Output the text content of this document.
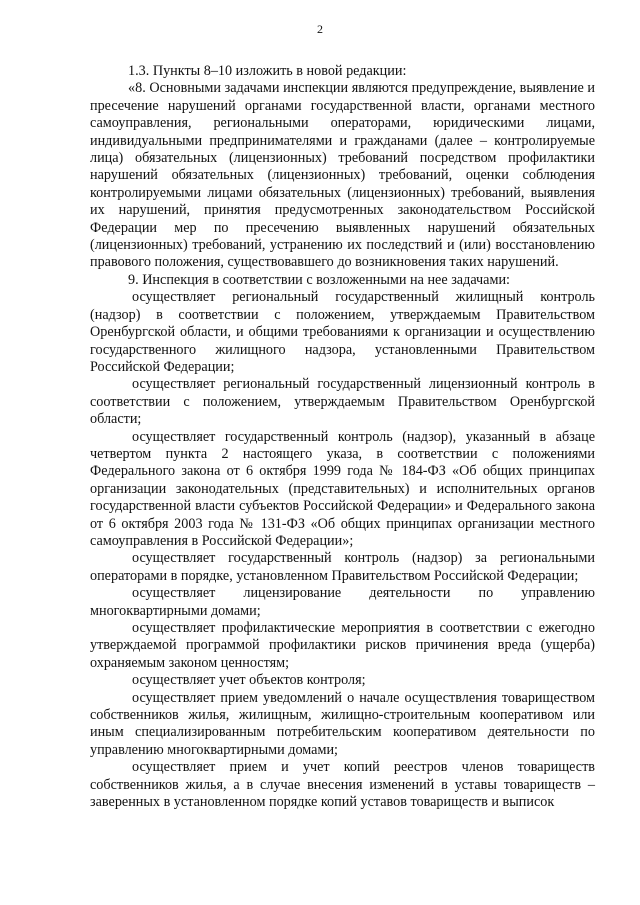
2

1.3. Пункты 8–10 изложить в новой редакции:

«8. Основными задачами инспекции являются предупреждение, выявление и пресечение нарушений органами государственной власти, органами местного самоуправления, региональными операторами, юридическими лицами, индивидуальными предпринимателями и гражданами (далее – контролируемые лица) обязательных (лицензионных) требований посредством профилактики нарушений обязательных (лицензионных) требований, оценки соблюдения контролируемыми лицами обязательных (лицензионных) требований, выявления их нарушений, принятия предусмотренных законодательством Российской Федерации мер по пресечению выявленных нарушений обязательных (лицензионных) требований, устранению их последствий и (или) восстановлению правового положения, существовавшего до возникновения таких нарушений.

9. Инспекция в соответствии с возложенными на нее задачами:

осуществляет региональный государственный жилищный контроль (надзор) в соответствии с положением, утверждаемым Правительством Оренбургской области, и общими требованиями к организации и осуществлению государственного жилищного надзора, установленными Правительством Российской Федерации;

осуществляет региональный государственный лицензионный контроль в соответствии с положением, утверждаемым Правительством Оренбургской области;

осуществляет государственный контроль (надзор), указанный в абзаце четвертом пункта 2 настоящего указа, в соответствии с положениями Федерального закона от 6 октября 1999 года № 184-ФЗ «Об общих принципах организации законодательных (представительных) и исполнительных органов государственной власти субъектов Российской Федерации» и Федерального закона от 6 октября 2003 года № 131-ФЗ «Об общих принципах организации местного самоуправления в Российской Федерации»;

осуществляет государственный контроль (надзор) за региональными операторами в порядке, установленном Правительством Российской Федерации;

осуществляет лицензирование деятельности по управлению многоквартирными домами;

осуществляет профилактические мероприятия в соответствии с ежегодно утверждаемой программой профилактики рисков причинения вреда (ущерба) охраняемым законом ценностям;

осуществляет учет объектов контроля;

осуществляет прием уведомлений о начале осуществления товариществом собственников жилья, жилищным, жилищно-строительным кооперативом или иным специализированным потребительским кооперативом деятельности по управлению многоквартирными домами;

осуществляет прием и учет копий реестров членов товариществ собственников жилья, а в случае внесения изменений в уставы товариществ – заверенных в установленном порядке копий уставов товариществ и выписок
